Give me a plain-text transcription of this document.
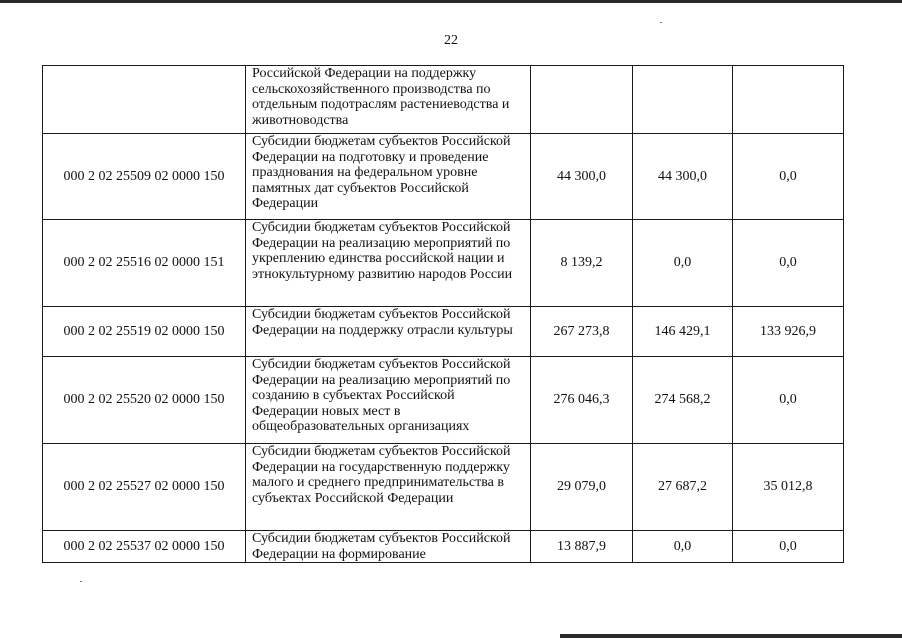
22
	Российской Федерации на поддержку сельскохозяйственного производства по отдельным подотраслям растениеводства и животноводства			
000 2 02 25509 02 0000 150	Субсидии бюджетам субъектов Российской Федерации на подготовку и проведение празднования на федеральном уровне памятных дат субъектов Российской Федерации	44 300,0	44 300,0	0,0
000 2 02 25516 02 0000 151	Субсидии бюджетам субъектов Российской Федерации на реализацию мероприятий по укреплению единства российской нации и этнокультурному развитию народов России	8 139,2	0,0	0,0
000 2 02 25519 02 0000 150	Субсидии бюджетам субъектов Российской Федерации на поддержку отрасли культуры	267 273,8	146 429,1	133 926,9
000 2 02 25520 02 0000 150	Субсидии бюджетам субъектов Российской Федерации на реализацию мероприятий по созданию в субъектах Российской Федерации новых мест в общеобразовательных организациях	276 046,3	274 568,2	0,0
000 2 02 25527 02 0000 150	Субсидии бюджетам субъектов Российской Федерации на государственную поддержку малого и среднего предпринимательства в субъектах Российской Федерации	29 079,0	27 687,2	35 012,8
000 2 02 25537 02 0000 150	Субсидии бюджетам субъектов Российской Федерации на формирование	13 887,9	0,0	0,0
